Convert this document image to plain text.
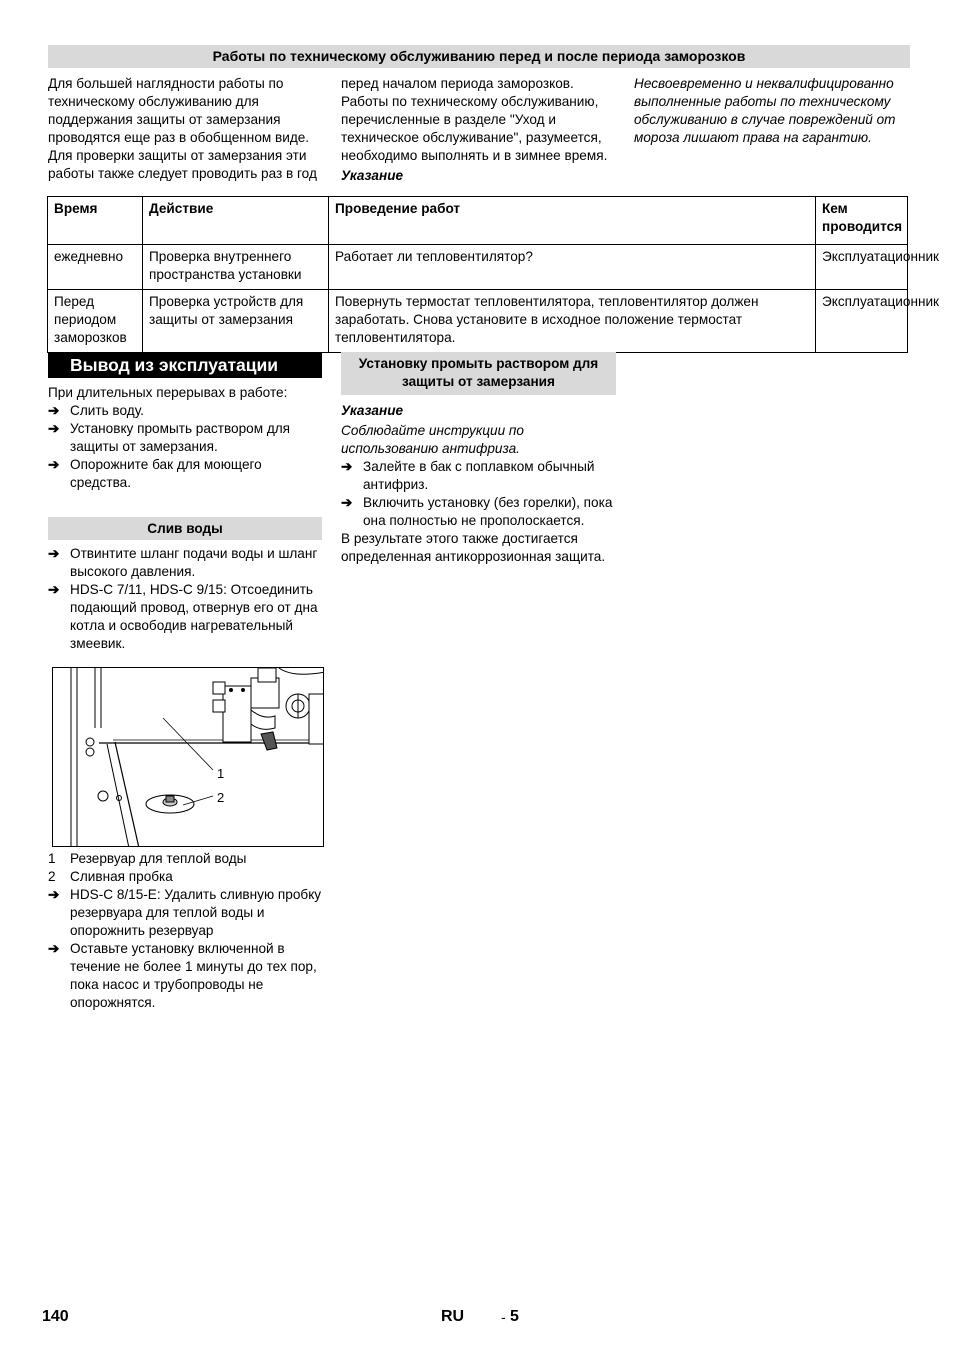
Работы по техническому обслуживанию перед и после периода заморозков

Для большей наглядности работы по техническому обслуживанию для поддержания защиты от замерзания проводятся еще раз в обобщенном виде. Для проверки защиты от замерзания эти работы также следует проводить раз в год

перед началом периода заморозков. Работы по техническому обслуживанию, перечисленные в разделе "Уход и техническое обслуживание", разумеется, необходимо выполнять и в зимнее время.

Указание

Несвоевременно и неквалифицированно выполненные работы по техническому обслуживанию в случае повреждений от мороза лишают права на гарантию.

Время	Действие	Проведение работ	Кем проводится
ежедневно	Проверка внутреннего пространства установки	Работает ли тепловентилятор?	Эксплуатационник
Перед периодом заморозков	Проверка устройств для защиты от замерзания	Повернуть термостат тепловентилятора, тепловентилятор должен заработать. Снова установите в исходное положение термостат тепловентилятора.	Эксплуатационник
Вывод из эксплуатации

При длительных перерывах в работе:

➔ Слить воду.
➔ Установку промыть раствором для защиты от замерзания.
➔ Опорожните бак для моющего средства.
Слив воды
➔ Отвинтите шланг подачи воды и шланг высокого давления.
➔ HDS-C 7/11, HDS-C 9/15: Отсоединить подающий провод, отвернув его от дна котла и освободив нагревательный змеевик.
1
2
1 Резервуар для теплой воды
2 Сливная пробка
➔ HDS-C 8/15-E: Удалить сливную пробку резервуара для теплой воды и опорожнить резервуар
➔ Оставьте установку включенной в течение не более 1 минуты до тех пор, пока насос и трубопроводы не опорожнятся.
Установку промыть раствором для защиты от замерзания

Указание

Соблюдайте инструкции по использованию антифриза.

➔ Залейте в бак с поплавком обычный антифриз.
➔ Включить установку (без горелки), пока она полностью не прополоскается.

В результате этого также достигается определенная антикоррозионная защита.

140	RU	- 5
